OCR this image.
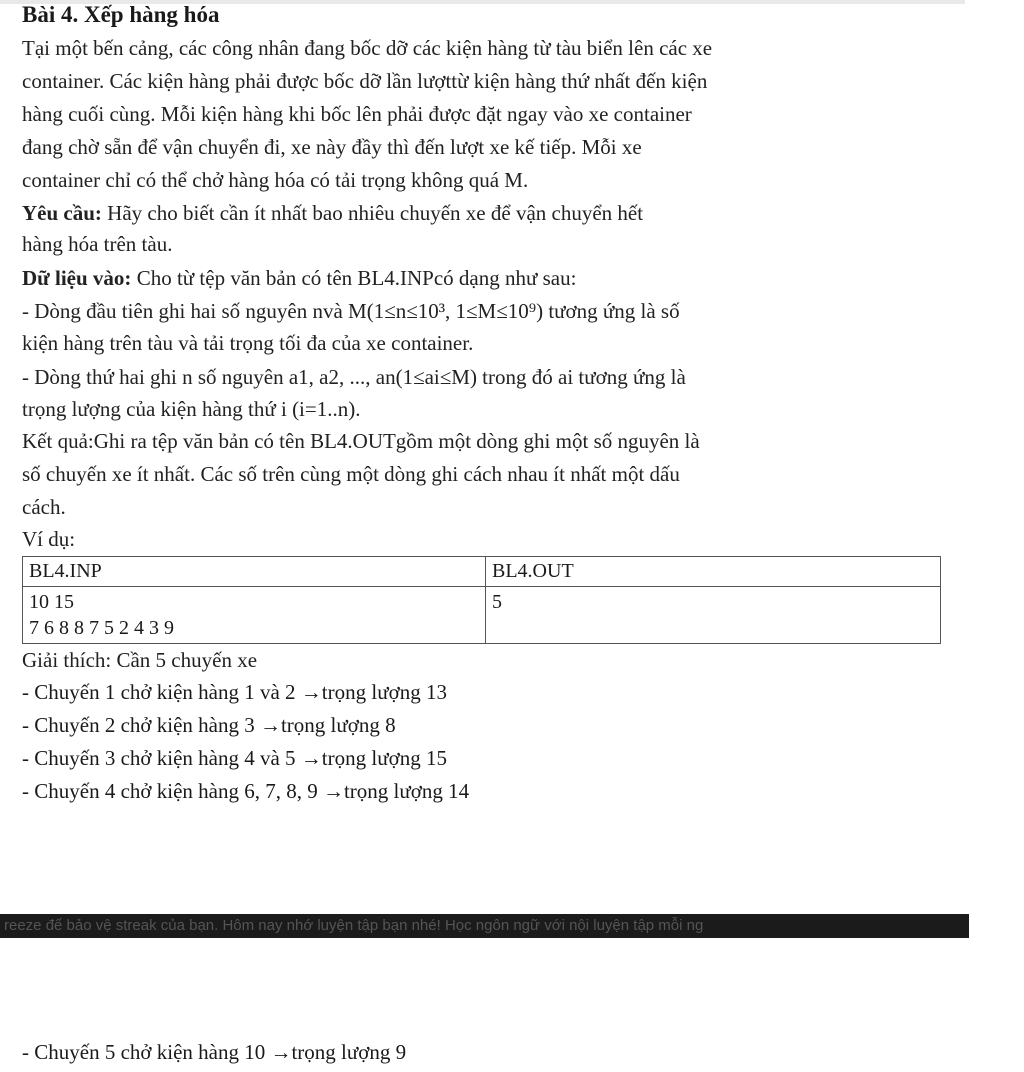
Bài 4. Xếp hàng hóa
Tại một bến cảng, các công nhân đang bốc dỡ các kiện hàng từ tàu biển lên các xe
container. Các kiện hàng phải được bốc dỡ lần lượttừ kiện hàng thứ nhất đến kiện
hàng cuối cùng. Mỗi kiện hàng khi bốc lên phải được đặt ngay vào xe container
đang chờ sẵn để vận chuyển đi, xe này đầy thì đến lượt xe kế tiếp. Mỗi xe
container chỉ có thể chở hàng hóa có tải trọng không quá M.
Yêu cầu: Hãy cho biết cần ít nhất bao nhiêu chuyến xe để vận chuyển hết
hàng hóa trên tàu.
Dữ liệu vào: Cho từ tệp văn bản có tên BL4.INPcó dạng như sau:
- Dòng đầu tiên ghi hai số nguyên nvà M(1≤n≤10³, 1≤M≤10⁹) tương ứng là số
kiện hàng trên tàu và tải trọng tối đa của xe container.
- Dòng thứ hai ghi n số nguyên a1, a2, ..., an(1≤ai≤M) trong đó ai tương ứng là
trọng lượng của kiện hàng thứ i (i=1..n).
Kết quả:Ghi ra tệp văn bản có tên BL4.OUTgồm một dòng ghi một số nguyên là
số chuyến xe ít nhất. Các số trên cùng một dòng ghi cách nhau ít nhất một dấu
cách.
Ví dụ:
BL4.INP	BL4.OUT

10 15
7 6 8 8 7 5 2 4 3 9	5
Giải thích: Cần 5 chuyến xe
- Chuyến 1 chở kiện hàng 1 và 2 →trọng lượng 13
- Chuyến 2 chở kiện hàng 3 →trọng lượng 8
- Chuyến 3 chở kiện hàng 4 và 5 →trọng lượng 15
- Chuyến 4 chở kiện hàng 6, 7, 8, 9 →trọng lượng 14
- Chuyến 5 chở kiện hàng 10 →trọng lượng 9
reeze để bảo vệ streak của bạn. Hôm nay nhớ luyện tập bạn nhé! Học ngôn ngữ với nội luyện tập mỗi ng
